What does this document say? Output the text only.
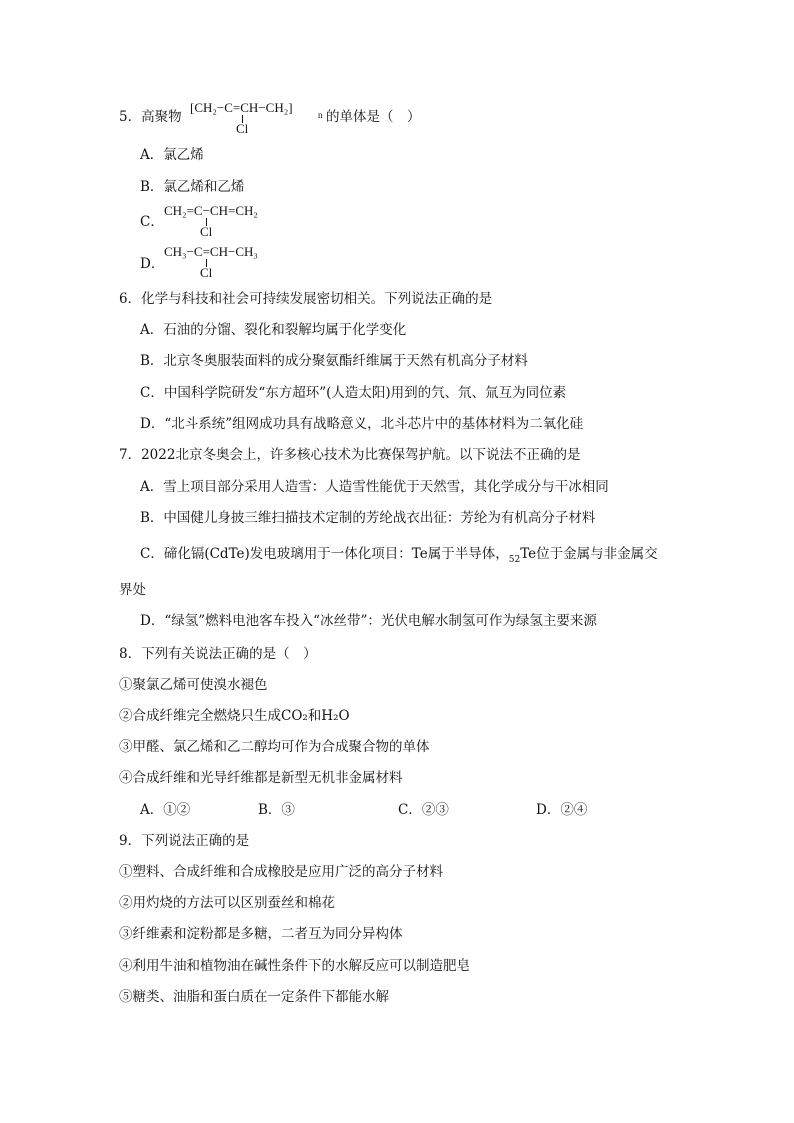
5．高聚物
[CH₂−C=CH−CH₂]	n
Cl
的单体是（　）
A．氯乙烯
B．氯乙烯和乙烯
C．
CH₂=C−CH=CH₂
Cl
D．
CH₃−C=CH−CH₃
Cl
6．化学与科技和社会可持续发展密切相关。下列说法正确的是
A．石油的分馏、裂化和裂解均属于化学变化
B．北京冬奥服装面料的成分聚氨酯纤维属于天然有机高分子材料
C．中国科学院研发“东方超环”(人造太阳)用到的氕、氘、氚互为同位素
D．“北斗系统”组网成功具有战略意义，北斗芯片中的基体材料为二氧化硅
7．2022北京冬奥会上，许多核心技术为比赛保驾护航。以下说法不正确的是
A．雪上项目部分采用人造雪：人造雪性能优于天然雪，其化学成分与干冰相同
B．中国健儿身披三维扫描技术定制的芳纶战衣出征：芳纶为有机高分子材料
C．碲化镉(CdTe)发电玻璃用于一体化项目：Te属于半导体，$_{52}$Te位于金属与非金属交
界处
D．“绿氢”燃料电池客车投入“冰丝带”：光伏电解水制氢可作为绿氢主要来源
8．下列有关说法正确的是（　）
①聚氯乙烯可使溴水褪色
②合成纤维完全燃烧只生成CO₂和H₂O
③甲醛、氯乙烯和乙二醇均可作为合成聚合物的单体
④合成纤维和光导纤维都是新型无机非金属材料
A．①②	B．③	C．②③	D．②④
9．下列说法正确的是
①塑料、合成纤维和合成橡胶是应用广泛的高分子材料
②用灼烧的方法可以区别蚕丝和棉花
③纤维素和淀粉都是多糖，二者互为同分异构体
④利用牛油和植物油在碱性条件下的水解反应可以制造肥皂
⑤糖类、油脂和蛋白质在一定条件下都能水解
